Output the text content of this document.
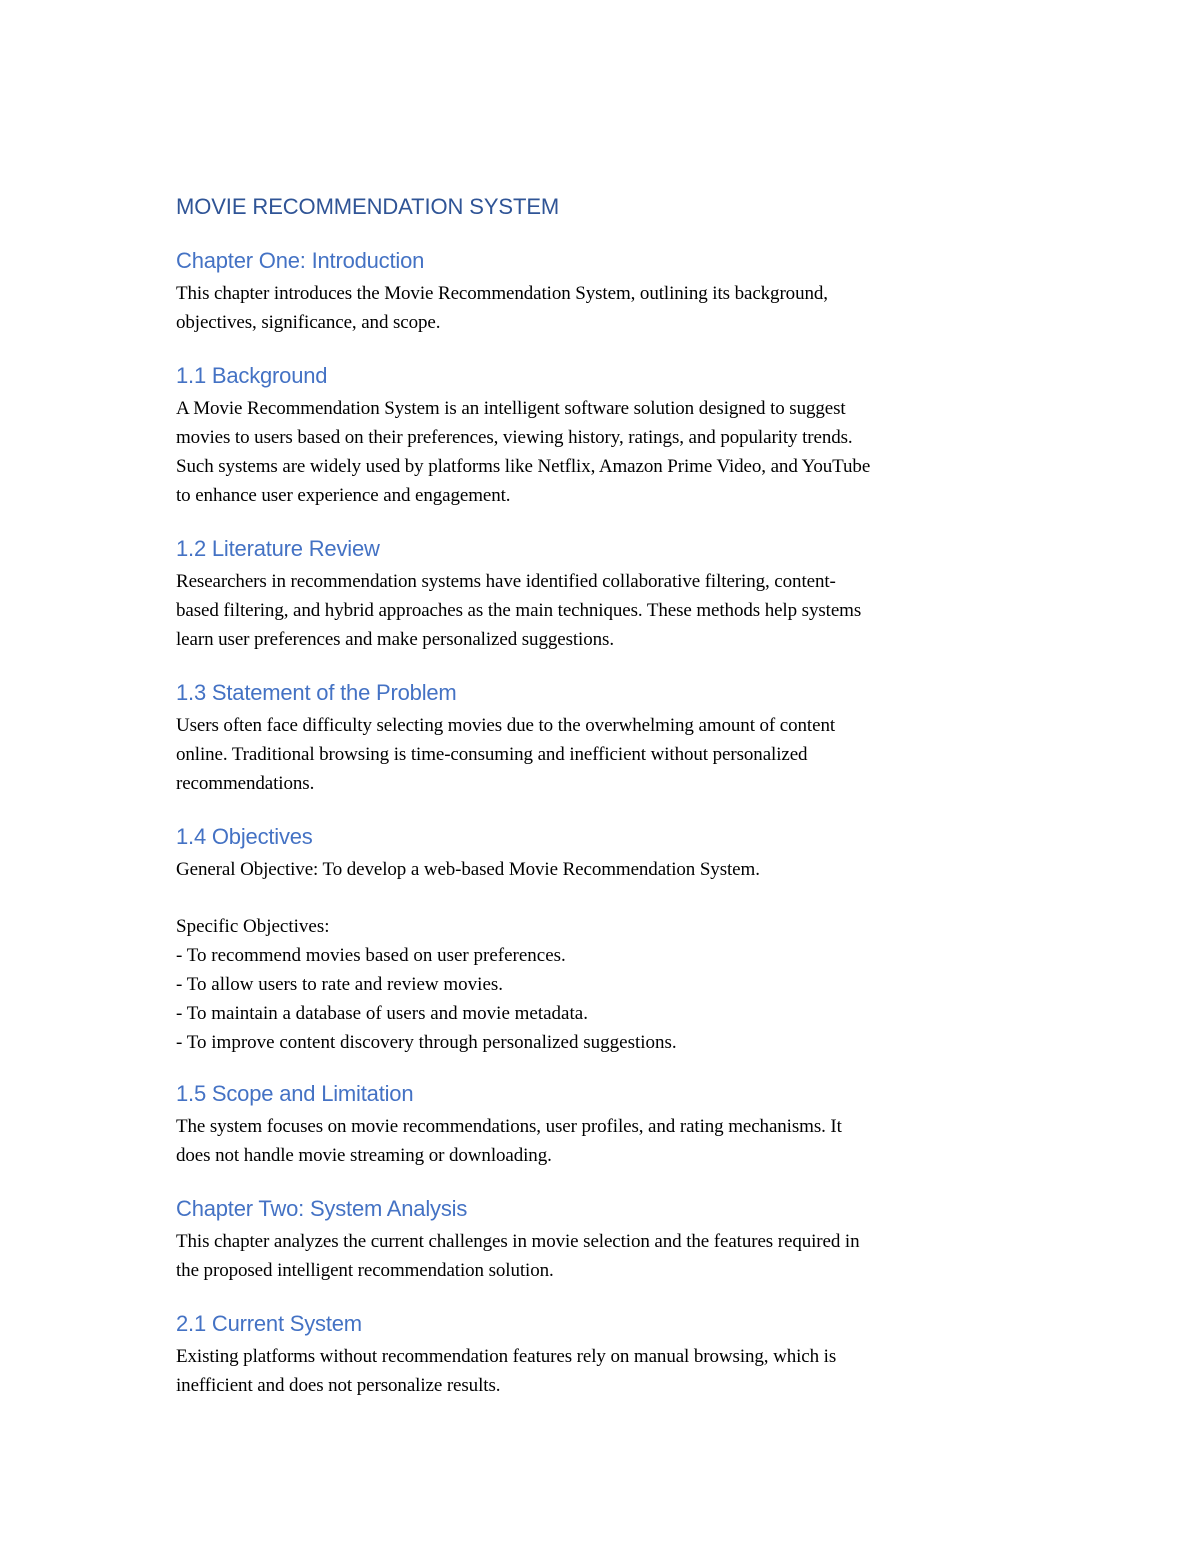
MOVIE RECOMMENDATION SYSTEM
Chapter One: Introduction

This chapter introduces the Movie Recommendation System, outlining its background,

objectives, significance, and scope.

1.1 Background

A Movie Recommendation System is an intelligent software solution designed to suggest

movies to users based on their preferences, viewing history, ratings, and popularity trends.

Such systems are widely used by platforms like Netflix, Amazon Prime Video, and YouTube

to enhance user experience and engagement.

1.2 Literature Review

Researchers in recommendation systems have identified collaborative filtering, content-

based filtering, and hybrid approaches as the main techniques. These methods help systems

learn user preferences and make personalized suggestions.

1.3 Statement of the Problem

Users often face difficulty selecting movies due to the overwhelming amount of content

online. Traditional browsing is time-consuming and inefficient without personalized

recommendations.

1.4 Objectives

General Objective: To develop a web-based Movie Recommendation System.

Specific Objectives:

- To recommend movies based on user preferences.

- To allow users to rate and review movies.

- To maintain a database of users and movie metadata.

- To improve content discovery through personalized suggestions.

1.5 Scope and Limitation

The system focuses on movie recommendations, user profiles, and rating mechanisms. It

does not handle movie streaming or downloading.

Chapter Two: System Analysis

This chapter analyzes the current challenges in movie selection and the features required in

the proposed intelligent recommendation solution.

2.1 Current System

Existing platforms without recommendation features rely on manual browsing, which is

inefficient and does not personalize results.
